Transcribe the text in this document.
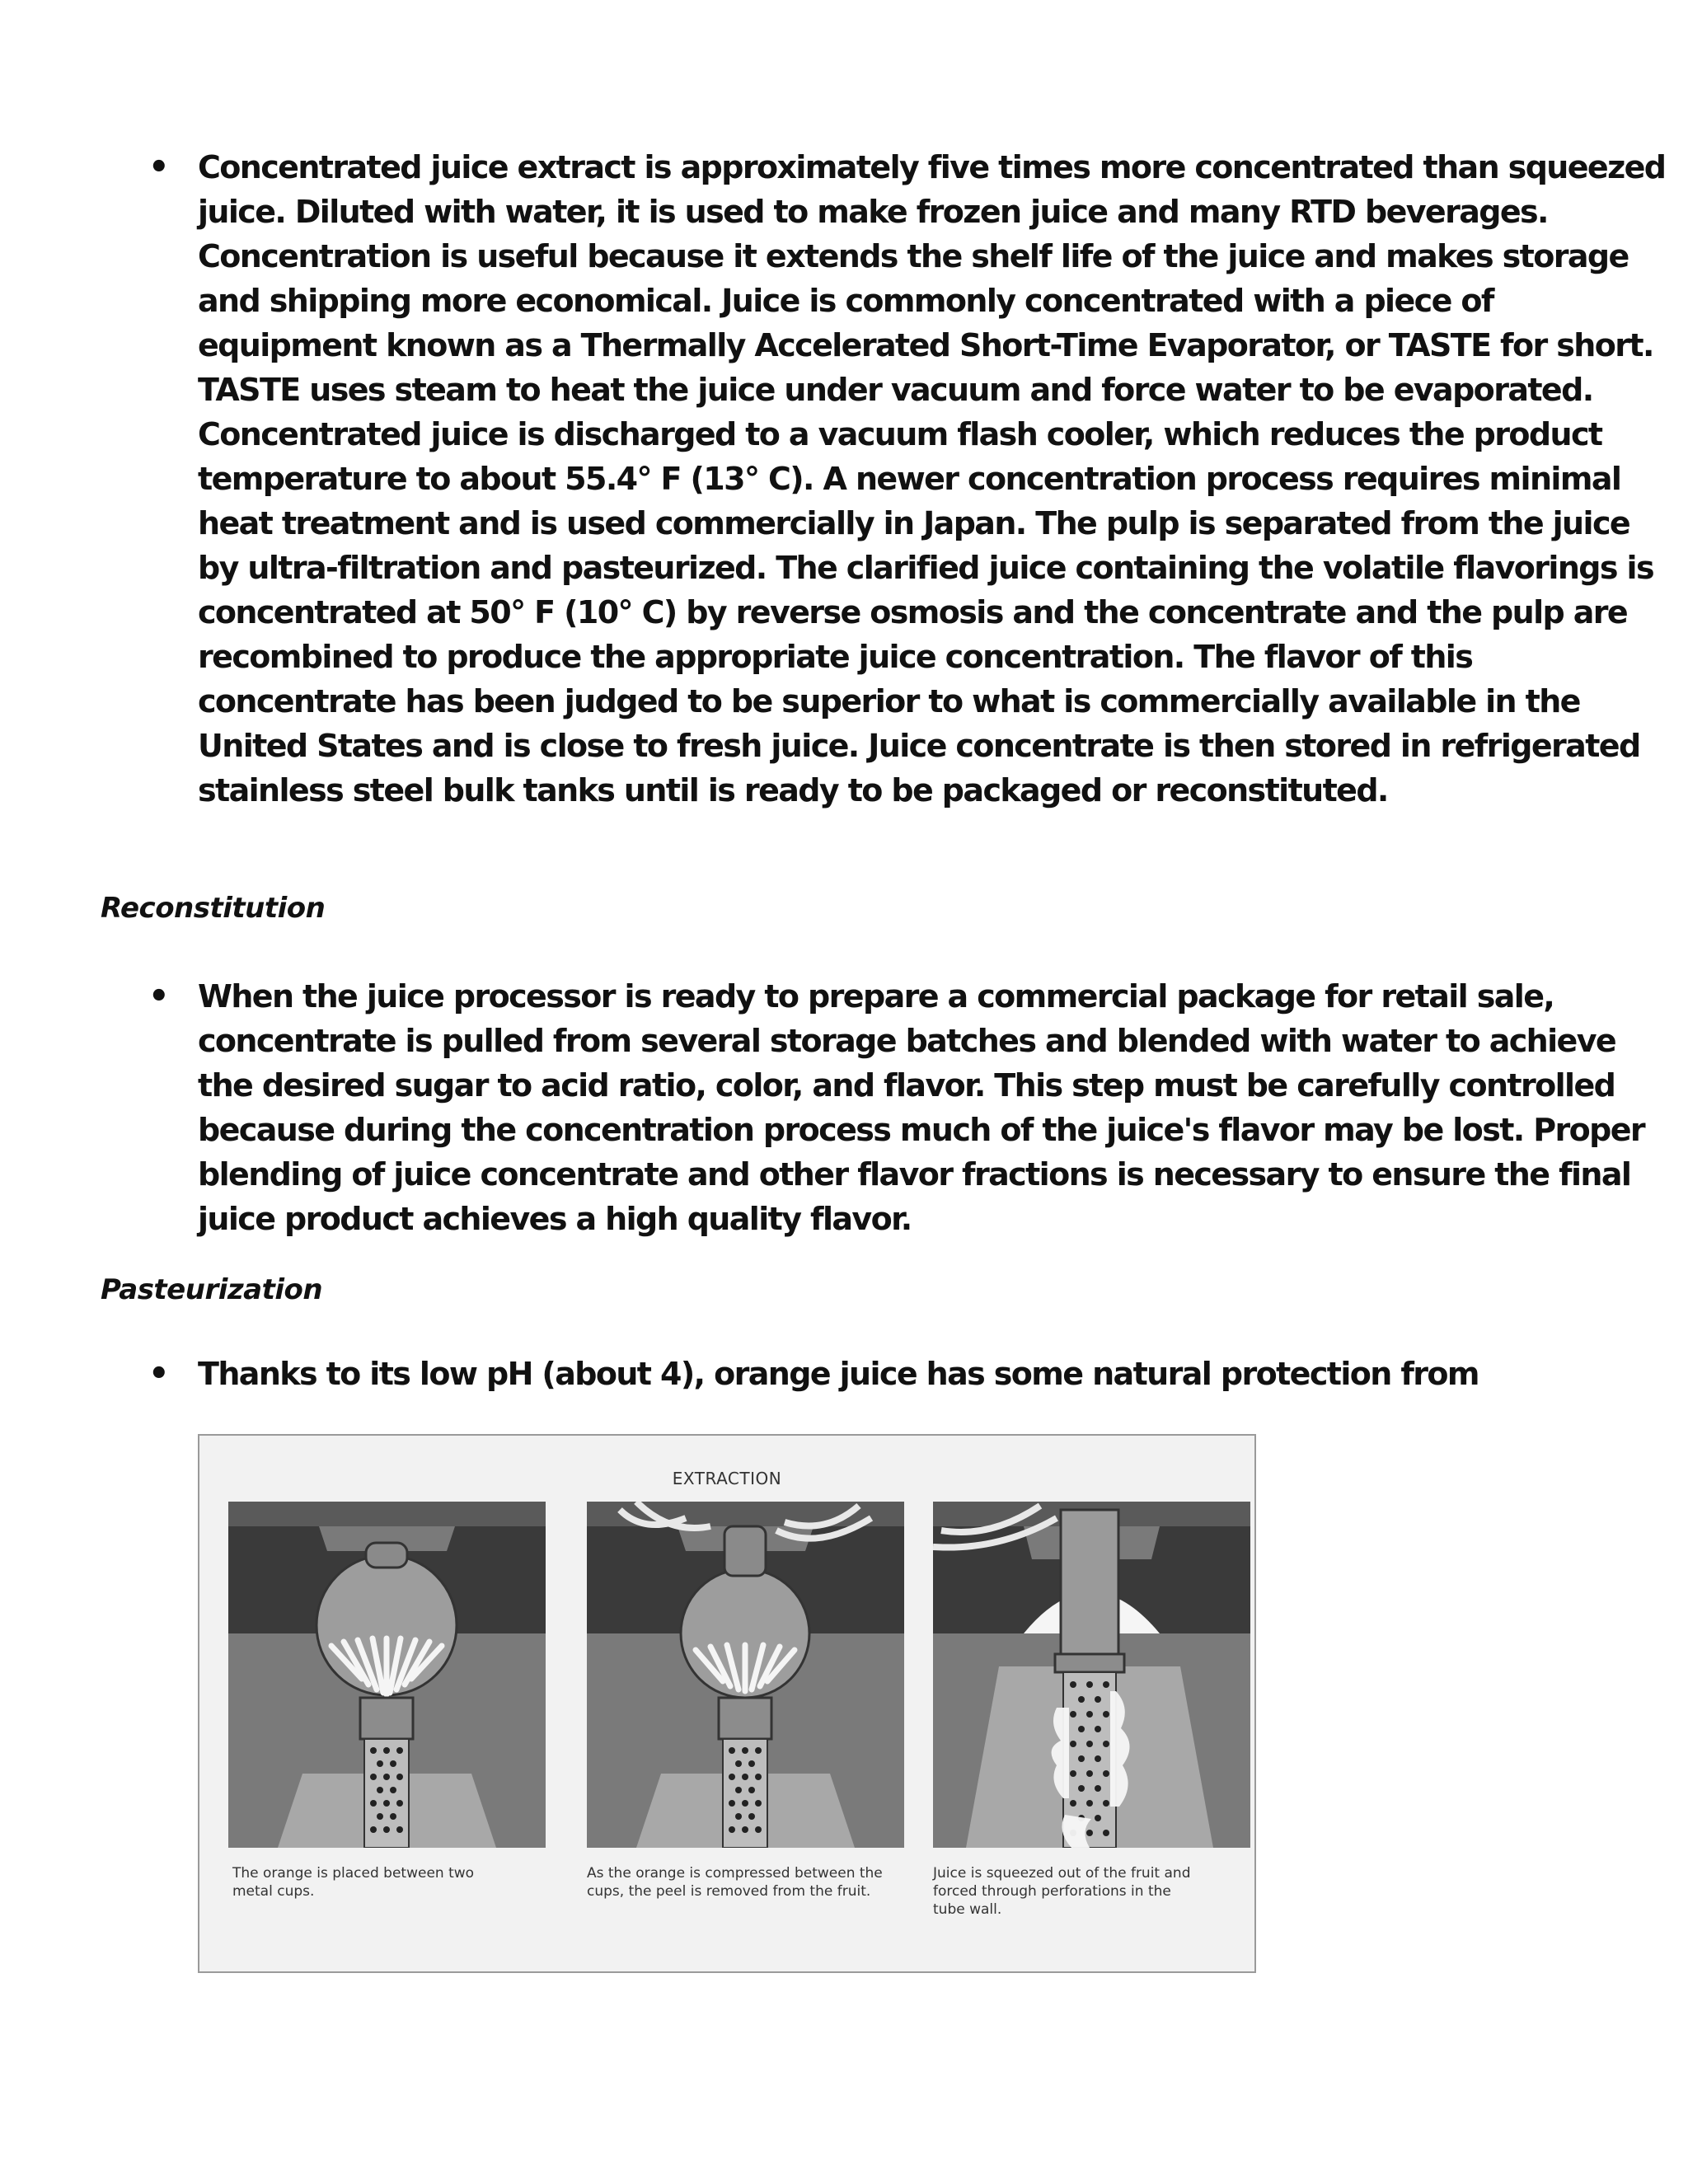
• Concentrated juice extract is approximately five times more concentrated than squeezed juice. Diluted with water, it is used to make frozen juice and many RTD beverages. Concentration is useful because it extends the shelf life of the juice and makes storage and shipping more economical. Juice is commonly concentrated with a piece of equipment known as a Thermally Accelerated Short-Time Evaporator, or TASTE for short. TASTE uses steam to heat the juice under vacuum and force water to be evaporated. Concentrated juice is discharged to a vacuum flash cooler, which reduces the product temperature to about 55.4° F (13° C). A newer concentration process requires minimal heat treatment and is used commercially in Japan. The pulp is separated from the juice by ultra-filtration and pasteurized. The clarified juice containing the volatile flavorings is concentrated at 50° F (10° C) by reverse osmosis and the concentrate and the pulp are recombined to produce the appropriate juice concentration. The flavor of this concentrate has been judged to be superior to what is commercially available in the United States and is close to fresh juice. Juice concentrate is then stored in refrigerated stainless steel bulk tanks until is ready to be packaged or reconstituted.
Reconstitution
• When the juice processor is ready to prepare a commercial package for retail sale, concentrate is pulled from several storage batches and blended with water to achieve the desired sugar to acid ratio, color, and flavor. This step must be carefully controlled because during the concentration process much of the juice's flavor may be lost. Proper blending of juice concentrate and other flavor fractions is necessary to ensure the final juice product achieves a high quality flavor.
Pasteurization
• Thanks to its low pH (about 4), orange juice has some natural protection from
EXTRACTION
The orange is placed between two metal cups.
As the orange is compressed between the cups, the peel is removed from the fruit.
Juice is squeezed out of the fruit and forced through perforations in the tube wall.
